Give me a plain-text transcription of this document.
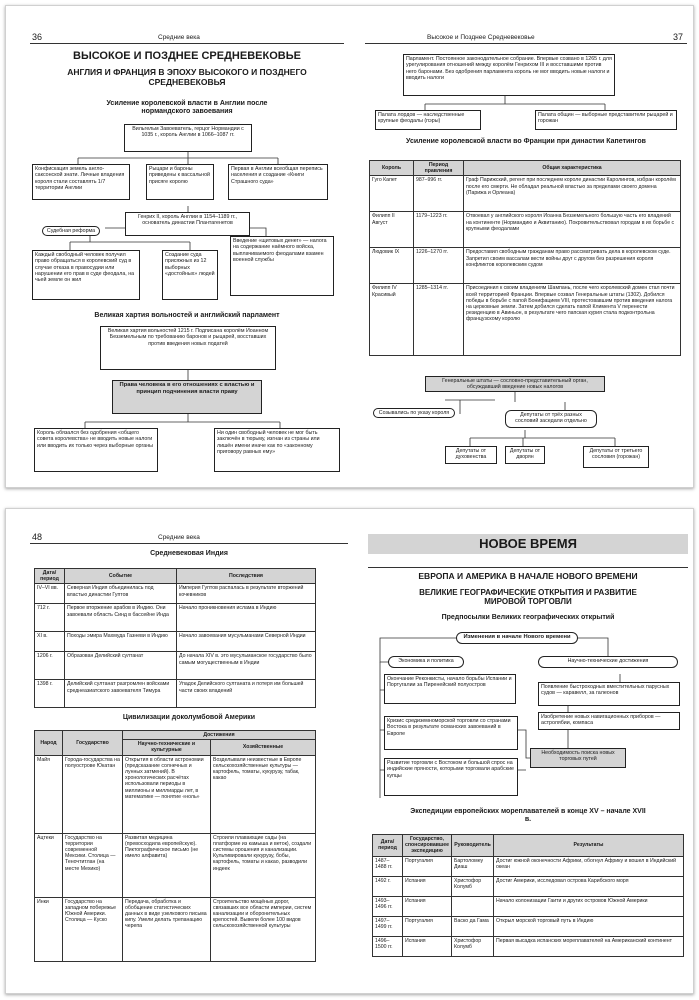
36	Средние века
ВЫСОКОЕ И ПОЗДНЕЕ СРЕДНЕВЕКОВЬЕ
АНГЛИЯ И ФРАНЦИЯ В ЭПОХУ ВЫСОКОГО И ПОЗДНЕГО СРЕДНЕВЕКОВЬЯ
Усиление королевской власти в Англии после нормандского завоевания
Вильгельм Завоеватель, герцог Нормандии с 1035 г., король Англии в 1066–1087 гг.
Конфискация земель англо-саксонской знати. Личные владения короля стали составлять 1/7 территории Англии
Рыцари и бароны приведены к вассальной присяге королю
Первая в Англии всеобщая перепись населения и создание «Книги Страшного суда»
Генрих II, король Англии в 1154–1189 гг., основатель династии Плантагенетов
Судебная реформа
Каждый свободный человек получил право обращаться в королевский суд в случае отказа в правосудии или нарушении его прав в суде феодала, на чьей земле он жил
Создание суда присяжных из 12 выборных «достойных» людей
Введение «щитовых денег» — налога на содержание наёмного войска, выплачиваемого феодалами взамен военной службы
Великая хартия вольностей и английский парламент
Великая хартия вольностей 1215 г. Подписана королём Иоанном Безземельным по требованию баронов и рыцарей, восставших против введения новых податей
Права человека в его отношениях с властью и принцип подчинения власти праву
Король обязался без одобрения «общего совета королевства» не вводить новые налоги или вводить их только через выборные органы
Ни один свободный человек не мог быть заключён в тюрьму, изгнан из страны или лишён имени иначе как по «законному приговору равных ему»
Высокое и Позднее Средневековье	37
Парламент. Постоянное законодательное собрание. Впервые созвано в 1265 г. для урегулирования отношений между королём Генрихом III и восставшими против него баронами. Без одобрения парламента король не мог вводить новые налоги и вводить налоги
Палата лордов — наследственные крупные феодалы (пэры)
Палата общин — выборные представители рыцарей и горожан
Усиление королевской власти во Франции при династии Капетингов
Король	Период правления	Общая характеристика
Гуго Капет	987–996 гг.	Граф Парижский, регент при последнем короле династии Каролингов, избран королём после его смерти. Не обладал реальной властью за пределами своего домена (Парижа и Орлеана)
Филипп II Август	1179–1223 гг.	Отвоевал у английского короля Иоанна Безземельного большую часть его владений на континенте (Нормандию и Аквитанию). Покровительствовал городам в их борьбе с крупными феодалами
Людовик IX	1226–1270 гг.	Предоставил свободным гражданам право рассматривать дела в королевском суде. Запретил своим вассалам вести войны друг с другом без разрешения короля конфликтов королевским судом
Филипп IV Красивый	1285–1314 гг.	Присоединил к своим владениям Шампань, после чего королевский домен стал почти всей территорией Франции. Впервые созвал Генеральные штаты (1302). Добился победы в борьбе с папой Бонифацием VIII, протестовавшим против введения налога на церковные земли. Затем добился сделать папой Климента V перенести резиденцию в Авиньон, в результате чего папская курия стала подконтрольна французскому королю
Генеральные штаты — сословно-представительный орган, обсуждавший введение новых налогов
Созывались по указу короля	Депутаты от трёх разных сословий заседали отдельно
Депутаты от духовенства
Депутаты от дворян
Депутаты от третьего сословия (горожан)
48	Средние века
Средневековая Индия
Дата/ период	Событие	Последствия
IV–VI вв.	Северная Индия объединилась под властью династии Гуптов	Империя Гуптов распалась в результате вторжений кочевников
712 г.	Первое вторжение арабов в Индию. Они завоевали область Синд в бассейне Инда	Начало проникновения ислама в Индию
XI в.	Походы эмира Махмуда Газневи в Индию	Начало завоевания мусульманами Северной Индии
1206 г.	Образован Делийский султанат	До начала XIV в. это мусульманское государство было самым могущественным в Индии
1398 г.	Делийский султанат разгромлен войсками среднеазиатского завоевателя Тимура	Упадок Делийского султаната и потеря им большей части своих владений
Цивилизации доколумбовой Америки
Народ	Государство	Достижения	
		Научно-технические и культурные	Хозяйственные
Майя	Города-государства на полуострове Юкатан	Открытия в области астрономии (предсказание солнечных и лунных затмений). В хронологических расчётах использовали периоды в миллионы и миллиарды лет, в математике — понятие «ноль»	Возделывали неизвестные в Европе сельскохозяйственные культуры — картофель, томаты, кукурузу, табак, какао
Ацтеки	Государство на территории современной Мексики. Столица — Теночтитлан (на месте Мехико)	Развитая медицина (превосходила европейскую). Пиктографическое письмо (не имело алфавита)	Строили плавающие сады (на платформе из камыша и веток), создали системы орошения и канализации. Культивировали кукурузу, бобы, картофель, томаты и какао, разводили индеек
Инки	Государство на западном побережье Южной Америки. Столица — Куско	Передача, обработка и обобщение статистических данных в виде узелкового письма кипу. Умели делать трепанацию черепа	Строительство мощёных дорог, связавших все области империи, систем канализации и оборонительных крепостей. Вывели более 100 видов сельскохозяйственной культуры
НОВОЕ ВРЕМЯ
ЕВРОПА И АМЕРИКА В НАЧАЛЕ НОВОГО ВРЕМЕНИ
ВЕЛИКИЕ ГЕОГРАФИЧЕСКИЕ ОТКРЫТИЯ И РАЗВИТИЕ МИРОВОЙ ТОРГОВЛИ
Предпосылки Великих географических открытий
Изменения в начале Нового времени
Экономика и политика	Научно-технические достижения
Окончание Реконкисты, начало борьбы Испании и Португалии за Пиренейский полуостров
Кризис средиземноморской торговли со странами Востока в результате османских завоеваний в Европе
Развитие торговли с Востоком и большой спрос на индийские пряности, которыми торговали арабские купцы
Появление быстроходных вместительных парусных судов — каравелл, за галеонов
Изобретение новых навигационных приборов — астролябии, компаса
Необходимость поиска новых торговых путей
Экспедиции европейских мореплавателей в конце XV – начале XVII в.
Дата/ период	Государство, спонсировавшее экспедицию	Руководитель	Результаты
1487–1488 гг.	Португалия	Бартоломеу Диаш	Достиг южной оконечности Африки, обогнул Африку и вошел в Индийский океан
1492 г.	Испания	Христофор Колумб	Достиг Америки, исследовал острова Карибского моря
1493–1496 гг.	Испания		Начало колонизации Гаити и других островов Южной Америки
1497–1499 гг.	Португалия	Васко да Гама	Открыл морской торговый путь в Индию
1496–1500 гг.	Испания	Христофор Колумб	Первая высадка испанских мореплавателей на Американский континент
